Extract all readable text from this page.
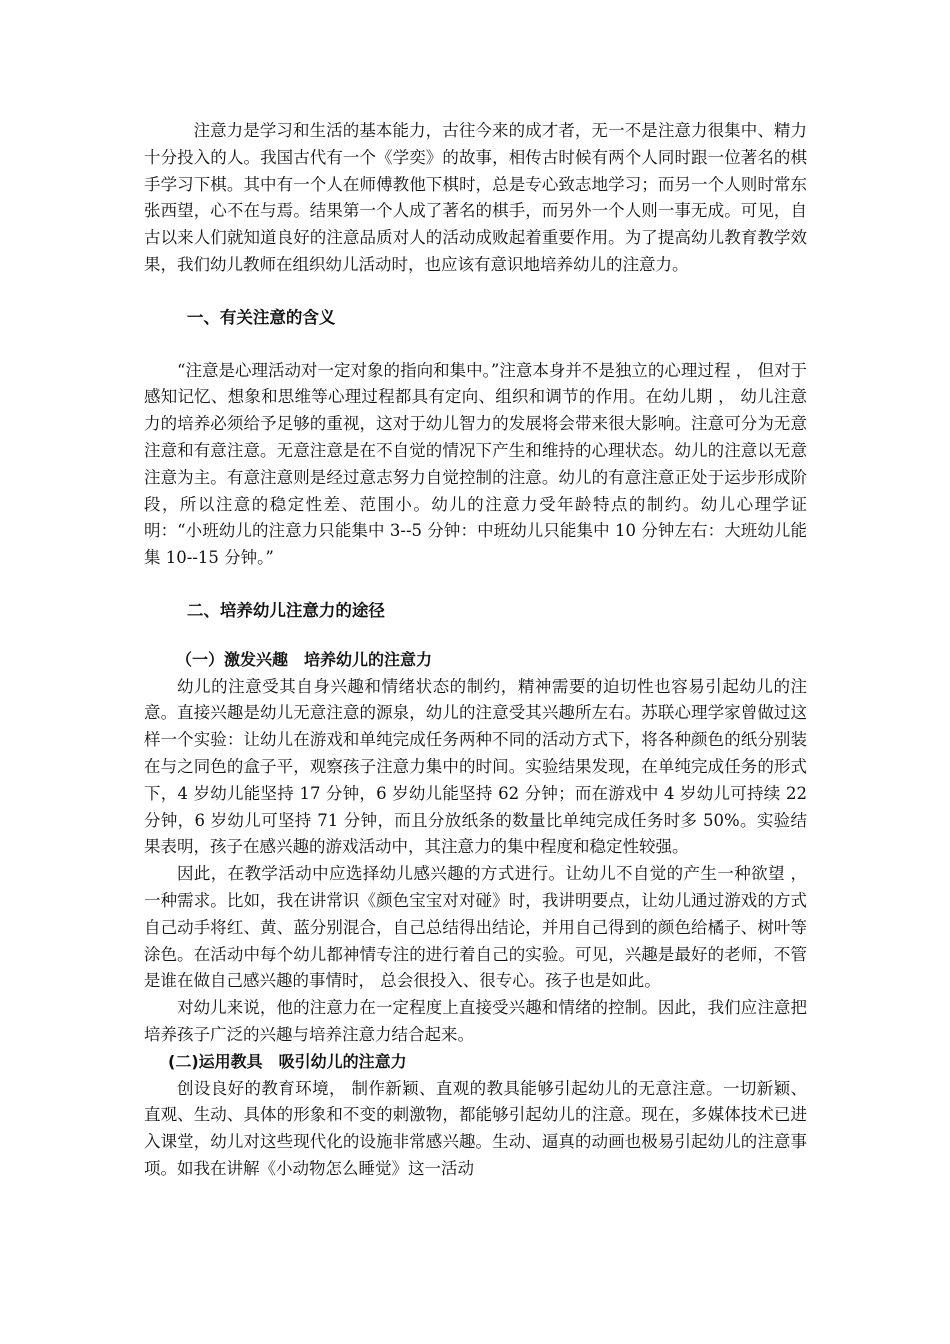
注意力是学习和生活的基本能力，古往今来的成才者，无一不是注意力很集中、精力十分投入的人。我国古代有一个《学奕》的故事，相传古时候有两个人同时跟一位著名的棋手学习下棋。其中有一个人在师傅教他下棋时，总是专心致志地学习；而另一个人则时常东张西望，心不在与焉。结果第一个人成了著名的棋手，而另外一个人则一事无成。可见，自古以来人们就知道良好的注意品质对人的活动成败起着重要作用。为了提高幼儿教育教学效果，我们幼儿教师在组织幼儿活动时，也应该有意识地培养幼儿的注意力。

一、有关注意的含义

“注意是心理活动对一定对象的指向和集中。”注意本身并不是独立的心理过程 ， 但对于感知记忆、想象和思维等心理过程都具有定向、组织和调节的作用。在幼儿期 ， 幼儿注意力的培养必须给予足够的重视，这对于幼儿智力的发展将会带来很大影响。注意可分为无意注意和有意注意。无意注意是在不自觉的情况下产生和维持的心理状态。幼儿的注意以无意注意为主。有意注意则是经过意志努力自觉控制的注意。幼儿的有意注意正处于运步形成阶段，所以注意的稳定性差、范围小。幼儿的注意力受年龄特点的制约。幼儿心理学证明：“小班幼儿的注意力只能集中 3--5 分钟：中班幼儿只能集中 10 分钟左右：大班幼儿能集 10--15 分钟。”

二、培养幼儿注意力的途径

（一）激发兴趣　培养幼儿的注意力

幼儿的注意受其自身兴趣和情绪状态的制约，精神需要的迫切性也容易引起幼儿的注意。直接兴趣是幼儿无意注意的源泉，幼儿的注意受其兴趣所左右。苏联心理学家曾做过这样一个实验：让幼儿在游戏和单纯完成任务两种不同的活动方式下，将各种颜色的纸分别装在与之同色的盒子平，观察孩子注意力集中的时间。实验结果发现，在单纯完成任务的形式下，4 岁幼儿能坚持 17 分钟，6 岁幼儿能坚持 62 分钟；而在游戏中 4 岁幼儿可持续 22 分钟，6 岁幼儿可坚持 71 分钟，而且分放纸条的数量比单纯完成任务时多 50%。实验结果表明，孩子在感兴趣的游戏活动中，其注意力的集中程度和稳定性较强。

因此，在教学活动中应选择幼儿感兴趣的方式进行。让幼儿不自觉的产生一种欲望 ，一种需求。比如，我在讲常识《颜色宝宝对对碰》时，我讲明要点，让幼儿通过游戏的方式自己动手将红、黄、蓝分别混合，自己总结得出结论，并用自己得到的颜色给橘子、树叶等涂色。在活动中每个幼儿都神情专注的进行着自己的实验。可见，兴趣是最好的老师，不管是谁在做自己感兴趣的事情时， 总会很投入、很专心。孩子也是如此。

对幼儿来说，他的注意力在一定程度上直接受兴趣和情绪的控制。因此，我们应注意把培养孩子广泛的兴趣与培养注意力结合起来。

(二)运用教具　吸引幼儿的注意力

创设良好的教育环境， 制作新颖、直观的教具能够引起幼儿的无意注意。一切新颖、直观、生动、具体的形象和不变的刺激物，都能够引起幼儿的注意。现在，多媒体技术已进入课堂，幼儿对这些现代化的设施非常感兴趣。生动、逼真的动画也极易引起幼儿的注意事项。如我在讲解《小动物怎么睡觉》这一活动
